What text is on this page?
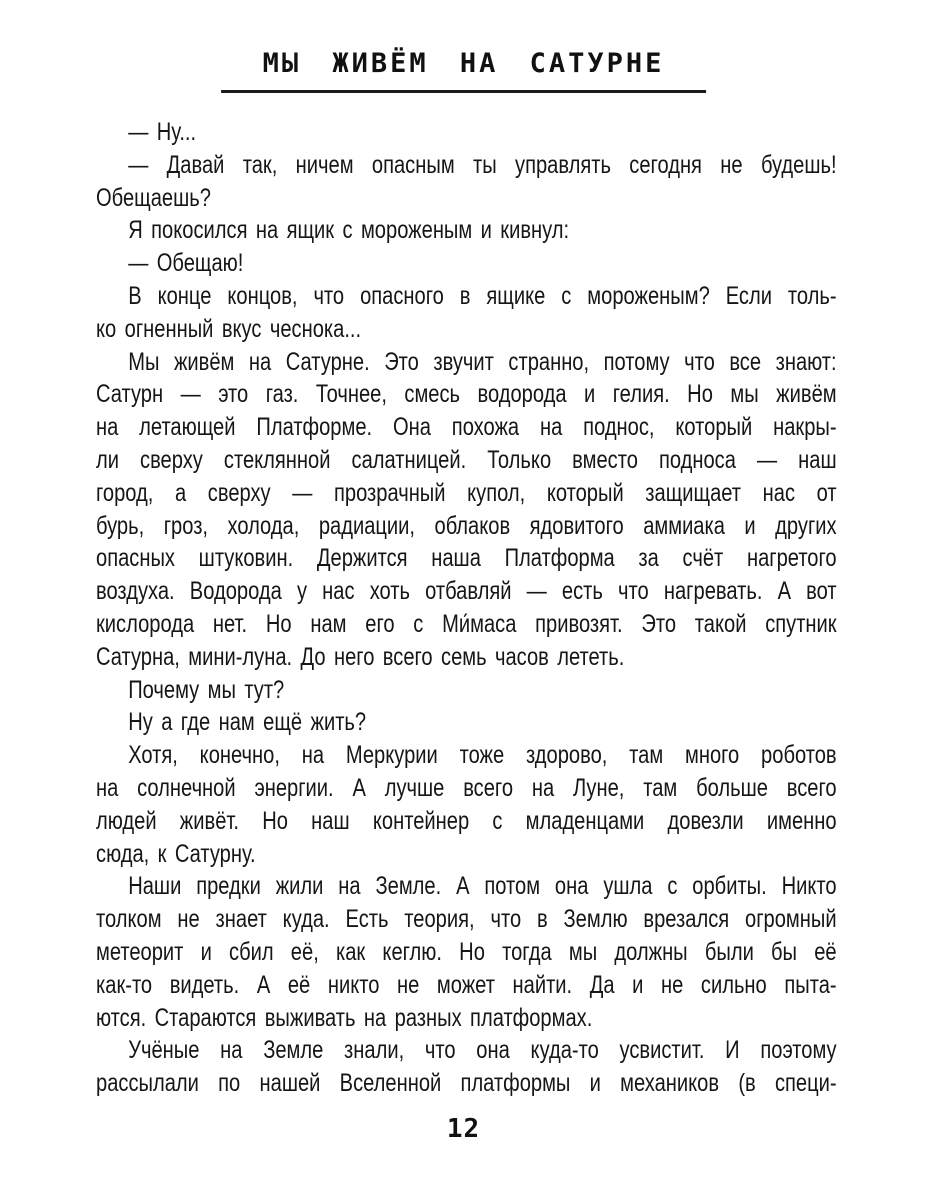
МЫ ЖИВЁМ НА САТУРНЕ
— Ну...
— Давай так, ничем опасным ты управлять сегодня не будешь!
Обещаешь?
Я покосился на ящик с мороженым и кивнул:
— Обещаю!
В конце концов, что опасного в ящике с мороженым? Если толь-
ко огненный вкус чеснока...
Мы живём на Сатурне. Это звучит странно, потому что все знают:
Сатурн — это газ. Точнее, смесь водорода и гелия. Но мы живём
на летающей Платформе. Она похожа на поднос, который накры-
ли сверху стеклянной салатницей. Только вместо подноса — наш
город, а сверху — прозрачный купол, который защищает нас от
бурь, гроз, холода, радиации, облаков ядовитого аммиака и других
опасных штуковин. Держится наша Платформа за счёт нагретого
воздуха. Водорода у нас хоть отбавляй — есть что нагревать. А вот
кислорода нет. Но нам его с Ми́маса привозят. Это такой спутник
Сатурна, мини-луна. До него всего семь часов лететь.
Почему мы тут?
Ну а где нам ещё жить?
Хотя, конечно, на Меркурии тоже здорово, там много роботов
на солнечной энергии. А лучше всего на Луне, там больше всего
людей живёт. Но наш контейнер с младенцами довезли именно
сюда, к Сатурну.
Наши предки жили на Земле. А потом она ушла с орбиты. Никто
толком не знает куда. Есть теория, что в Землю врезался огромный
метеорит и сбил её, как кеглю. Но тогда мы должны были бы её
как-то видеть. А её никто не может найти. Да и не сильно пыта-
ются. Стараются выживать на разных платформах.
Учёные на Земле знали, что она куда-то усвистит. И поэтому
рассылали по нашей Вселенной платформы и механиков (в специ-
12
